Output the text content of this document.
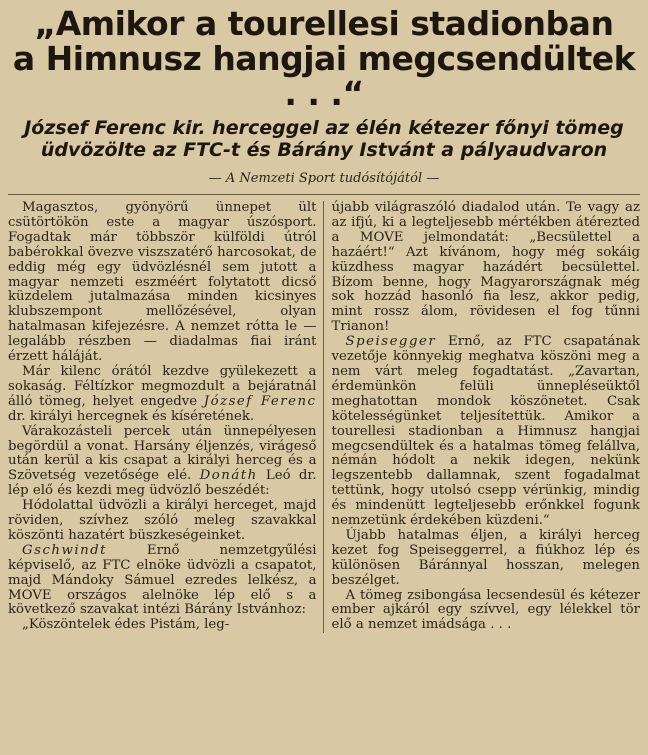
„Amikor a tourellesi stadionban
a Himnusz hangjai megcsendültek . . .“
József Ferenc kir. herceggel az élén kétezer főnyi tömeg üdvözölte az FTC-t és Bárány Istvánt a pályaudvaron
— A Nemzeti Sport tudósítójától —

Magasztos, gyönyörű ünnepet ült csütörtökön este a magyar úszósport. Fogadtak már többször külföldi útról babérokkal övezve viszszatérő harcosokat, de eddig még egy üdvözlésnél sem jutott a magyar nemzeti eszméért folytatott dicső küzdelem jutalmazása minden kicsinyes klubszempont mellőzésével, olyan hatalmasan kifejezésre. A nemzet rótta le — legalább részben — diadalmas fiai iránt érzett háláját.

Már kilenc órától kezdve gyülekezett a sokaság. Féltízkor megmozdult a bejáratnál álló tömeg, helyet engedve József Ferenc dr. királyi hercegnek és kíséretének.

Várakozásteli percek után ünnepélyesen begördül a vonat. Harsány éljenzés, virágeső után kerül a kis csapat a királyi herceg és a Szövetség vezetősége elé. Donáth Leó dr. lép elő és kezdi meg üdvözlő beszédét:

Hódolattal üdvözli a királyi herceget, majd röviden, szívhez szóló meleg szavakkal köszönti hazatért büszkeségeinket.

Gschwindt Ernő nemzetgyűlési képviselő, az FTC elnöke üdvözli a csapatot, majd Mándoky Sámuel ezredes lelkész, a MOVE országos alelnöke lép elő s a következő szavakat intézi Bárány Istvánhoz:

„Köszöntelek édes Pistám, leg-

újabb világraszóló diadalod után. Te vagy az az ifjú, ki a legteljesebb mértékben átérezted a MOVE jelmondatát: „Becsülettel a hazáért!“ Azt kívánom, hogy még sokáig küzdhess magyar hazádért becsülettel. Bízom benne, hogy Magyarországnak még sok hozzád hasonló fia lesz, akkor pedig, mint rossz álom, rövidesen el fog tűnni Trianon!

Speisegger Ernő, az FTC csapatának vezetője könnyekig meghatva köszöni meg a nem várt meleg fogadtatást. „Zavartan, érdemünkön felüli ünnepléseüktől meghatottan mondok köszönetet. Csak kötelességünket teljesítettük. Amikor a tourellesi stadionban a Himnusz hangjai megcsendültek és a hatalmas tömeg felállva, némán hódolt a nekik idegen, nekünk legszentebb dallamnak, szent fogadalmat tettünk, hogy utolsó csepp vérünkig, mindig és mindenütt legteljesebb erőnkkel fogunk nemzetünk érdekében küzdeni.“

Újabb hatalmas éljen, a királyi herceg kezet fog Speiseggerrel, a fiúkhoz lép és különösen Báránnyal hosszan, melegen beszélget.

A tömeg zsibongása lecsendesül és kétezer ember ajkáról egy szívvel, egy lélekkel tör elő a nemzet imádsága . . .
